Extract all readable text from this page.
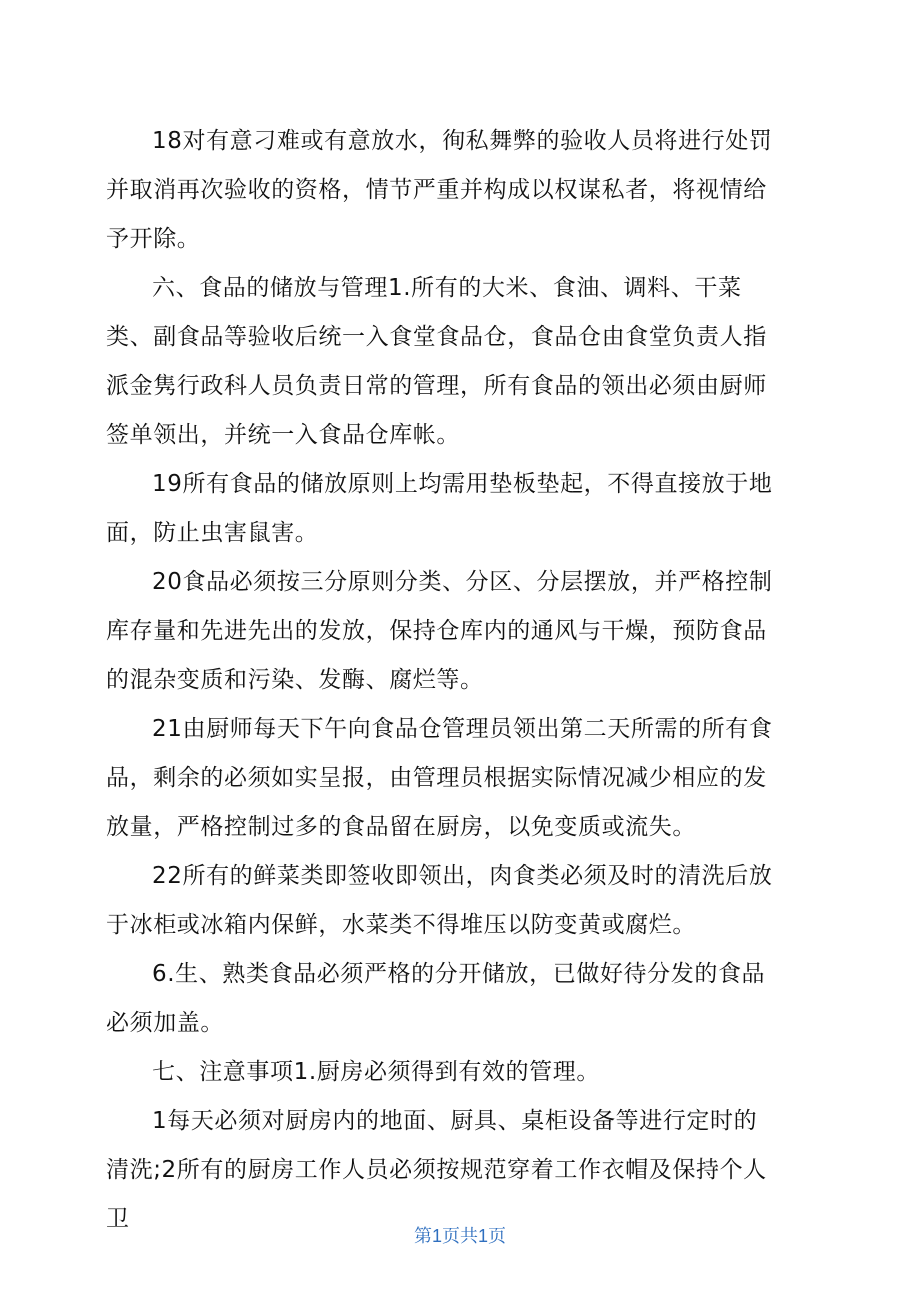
18对有意刁难或有意放水，徇私舞弊的验收人员将进行处罚并取消再次验收的资格，情节严重并构成以权谋私者，将视情给予开除。

六、食品的储放与管理1.所有的大米、食油、调料、干菜类、副食品等验收后统一入食堂食品仓，食品仓由食堂负责人指派金隽行政科人员负责日常的管理，所有食品的领出必须由厨师签单领出，并统一入食品仓库帐。

19所有食品的储放原则上均需用垫板垫起，不得直接放于地面，防止虫害鼠害。

20食品必须按三分原则分类、分区、分层摆放，并严格控制库存量和先进先出的发放，保持仓库内的通风与干燥，预防食品的混杂变质和污染、发酶、腐烂等。

21由厨师每天下午向食品仓管理员领出第二天所需的所有食品，剩余的必须如实呈报，由管理员根据实际情况减少相应的发放量，严格控制过多的食品留在厨房，以免变质或流失。

22所有的鲜菜类即签收即领出，肉食类必须及时的清洗后放于冰柜或冰箱内保鲜，水菜类不得堆压以防变黄或腐烂。

6.生、熟类食品必须严格的分开储放，已做好待分发的食品必须加盖。

七、注意事项1.厨房必须得到有效的管理。

1每天必须对厨房内的地面、厨具、桌柜设备等进行定时的清洗;2所有的厨房工作人员必须按规范穿着工作衣帽及保持个人卫

第1页共1页
